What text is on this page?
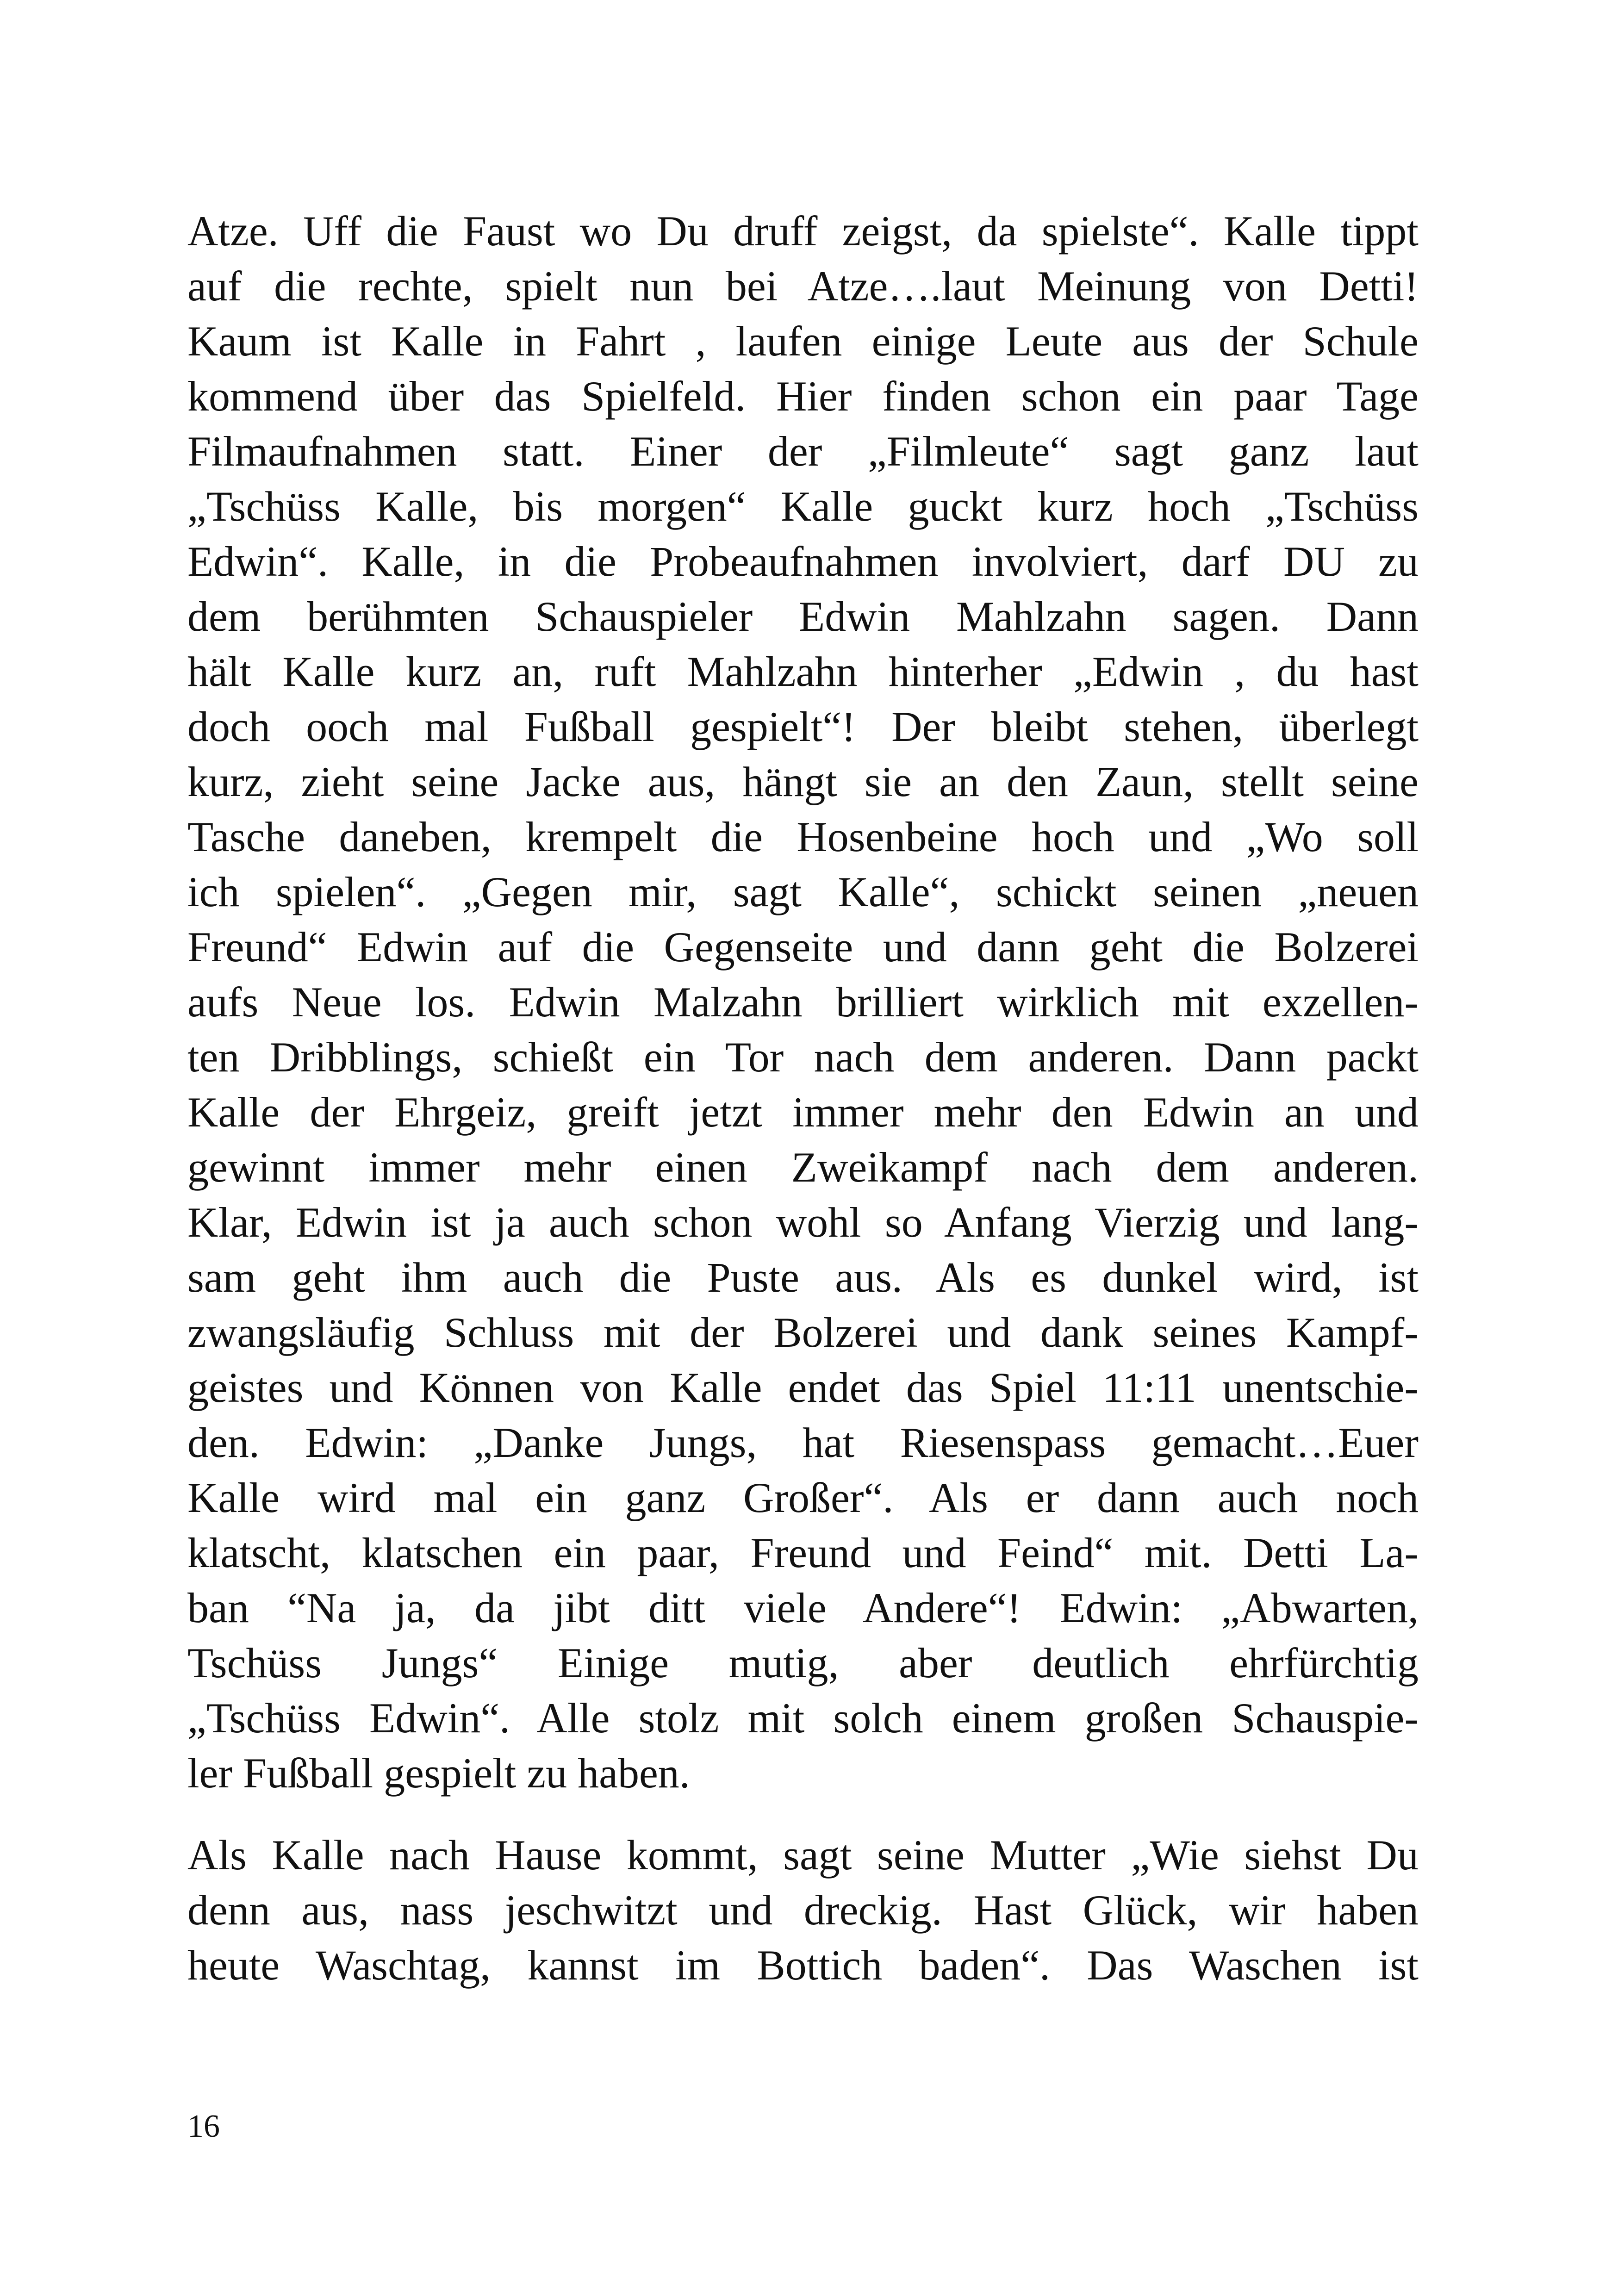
Atze. Uff die Faust wo Du druff zeigst, da spielste“. Kalle tippt
auf die rechte, spielt nun bei Atze….laut Meinung von Detti!
Kaum ist Kalle in Fahrt , laufen einige Leute aus der Schule
kommend über das Spielfeld. Hier finden schon ein paar Tage
Filmaufnahmen statt. Einer der „Filmleute“ sagt ganz laut
„Tschüss Kalle, bis morgen“ Kalle guckt kurz hoch „Tschüss
Edwin“. Kalle, in die Probeaufnahmen involviert, darf DU zu
dem berühmten Schauspieler Edwin Mahlzahn sagen. Dann
hält Kalle kurz an, ruft Mahlzahn hinterher „Edwin , du hast
doch ooch mal Fußball gespielt“! Der bleibt stehen, überlegt
kurz, zieht seine Jacke aus, hängt sie an den Zaun, stellt seine
Tasche daneben, krempelt die Hosenbeine hoch und „Wo soll
ich spielen“. „Gegen mir, sagt Kalle“, schickt seinen „neuen
Freund“ Edwin auf die Gegenseite und dann geht die Bolzerei
aufs Neue los. Edwin Malzahn brilliert wirklich mit exzellen-
ten Dribblings, schießt ein Tor nach dem anderen. Dann packt
Kalle der Ehrgeiz, greift jetzt immer mehr den Edwin an und
gewinnt immer mehr einen Zweikampf nach dem anderen.
Klar, Edwin ist ja auch schon wohl so Anfang Vierzig und lang-
sam geht ihm auch die Puste aus. Als es dunkel wird, ist
zwangsläufig Schluss mit der Bolzerei und dank seines Kampf-
geistes und Können von Kalle endet das Spiel 11:11 unentschie-
den. Edwin: „Danke Jungs, hat Riesenspass gemacht…Euer
Kalle wird mal ein ganz Großer“. Als er dann auch noch
klatscht, klatschen ein paar, Freund und Feind“ mit. Detti La-
ban “Na ja, da jibt ditt viele Andere“! Edwin: „Abwarten,
Tschüss Jungs“ Einige mutig, aber deutlich ehrfürchtig
„Tschüss Edwin“. Alle stolz mit solch einem großen Schauspie-
ler Fußball gespielt zu haben.
Als Kalle nach Hause kommt, sagt seine Mutter „Wie siehst Du
denn aus, nass jeschwitzt und dreckig. Hast Glück, wir haben
heute Waschtag, kannst im Bottich baden“. Das Waschen ist
16
